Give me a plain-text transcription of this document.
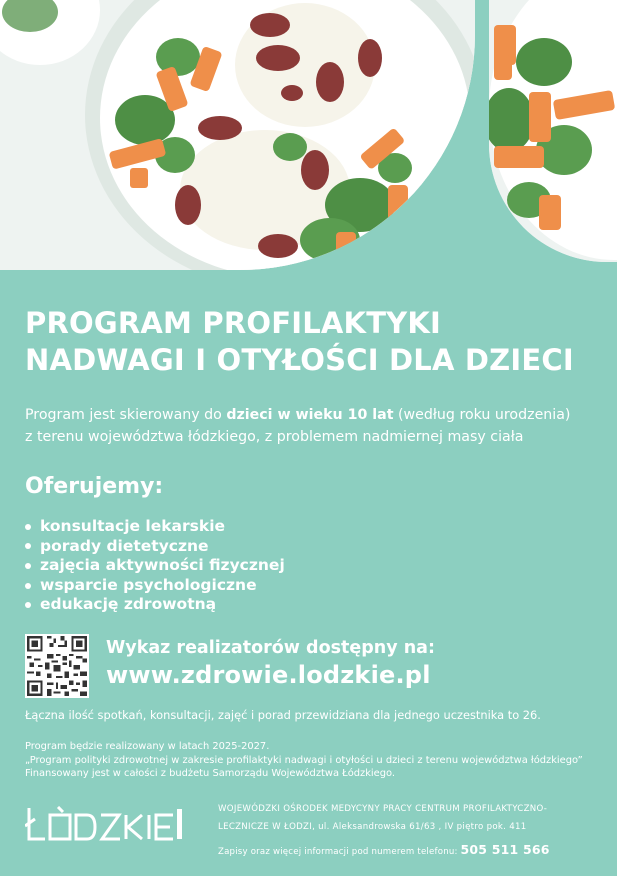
PROGRAM PROFILAKTYKI
NADWAGI I OTYŁOŚCI DLA DZIECI
Program jest skierowany do dzieci w wieku 10 lat (według roku urodzenia)
z terenu województwa łódzkiego, z problemem nadmiernej masy ciała
Oferujemy:
konsultacje lekarskie
porady dietetyczne
zajęcia aktywności fizycznej
wsparcie psychologiczne
edukację zdrowotną
Wykaz realizatorów dostępny na:
www.zdrowie.lodzkie.pl
Łączna ilość spotkań, konsultacji, zajęć i porad przewidziana dla jednego uczestnika to 26.
Program będzie realizowany w latach 2025-2027.
„Program polityki zdrowotnej w zakresie profilaktyki nadwagi i otyłości u dzieci z terenu województwa łódzkiego”
Finansowany jest w całości z budżetu Samorządu Województwa Łódzkiego.
WOJEWÓDZKI OŚRODEK MEDYCYNY PRACY CENTRUM PROFILAKTYCZNO-
LECZNICZE W ŁODZI, ul. Aleksandrowska 61/63 , IV piętro pok. 411
Zapisy oraz więcej informacji pod numerem telefonu: 505 511 566
